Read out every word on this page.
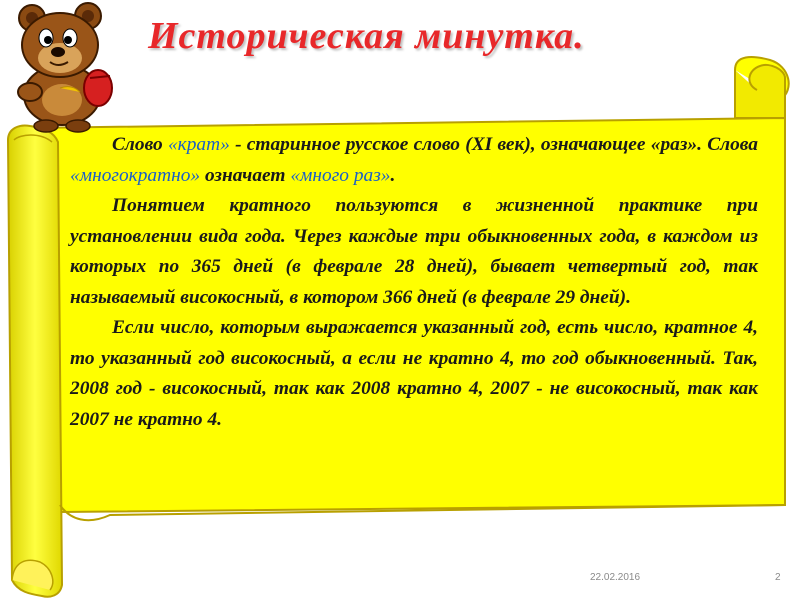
Историческая минутка.

Слово «крат» - старинное русское слово (XI век), означающее «раз». Слова «многократно» означает «много раз».

Понятием кратного пользуются в жизненной практике при установлении вида года. Через каждые три обыкновенных года, в каждом из которых по 365 дней (в феврале 28 дней), бывает четвертый год, так называемый високосный, в котором 366 дней (в феврале 29 дней).

Если число, которым выражается указанный год, есть число, кратное 4, то указанный год високосный, а если не кратно 4, то год обыкновенный. Так, 2008 год - високосный, так как 2008 кратно 4, 2007 - не високосный, так как 2007 не кратно 4.

22.02.2016	2
